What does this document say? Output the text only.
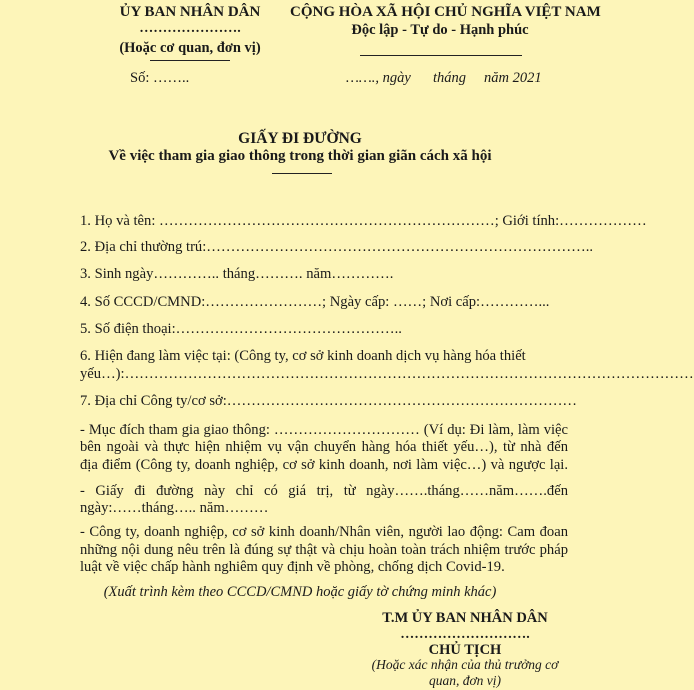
ỦY BAN NHÂN DÂN
………………….
(Hoặc cơ quan, đơn vị)
Số: ……..
CỘNG HÒA XÃ HỘI CHỦ NGHĨA VIỆT NAM
Độc lập - Tự do - Hạnh phúc
……., ngày tháng năm 2021
GIẤY ĐI ĐƯỜNG
Về việc tham gia giao thông trong thời gian giãn cách xã hội
1. Họ và tên: ……………………………………………………………; Giới tính:………………
2. Địa chỉ thường trú:……………………………………………………………………..
3. Sinh ngày………….. tháng………. năm………….
4. Số CCCD/CMND:……………………; Ngày cấp: ……; Nơi cấp:…………...
5. Số điện thoại:………………………………………..
6. Hiện đang làm việc tại: (Công ty, cơ sở kinh doanh dịch vụ hàng hóa thiết
yếu…):………………………………………………………………………………………………………
7. Địa chỉ Công ty/cơ sở:………………………………………………………………
- Mục đích tham gia giao thông: ………………………… (Ví dụ: Đi làm, làm việc
bên ngoài và thực hiện nhiệm vụ vận chuyển hàng hóa thiết yếu…), từ nhà đến
địa điểm (Công ty, doanh nghiệp, cơ sở kinh doanh, nơi làm việc…) và ngược lại.
- Giấy đi đường này chỉ có giá trị, từ ngày…….tháng……năm…….đến
ngày:……tháng….. năm………
- Công ty, doanh nghiệp, cơ sở kinh doanh/Nhân viên, người lao động: Cam đoan
những nội dung nêu trên là đúng sự thật và chịu hoàn toàn trách nhiệm trước pháp
luật về việc chấp hành nghiêm quy định về phòng, chống dịch Covid-19.
(Xuất trình kèm theo CCCD/CMND hoặc giấy tờ chứng minh khác)
T.M ỦY BAN NHÂN DÂN
……………………….
CHỦ TỊCH
(Hoặc xác nhận của thủ trưởng cơ
quan, đơn vị)
